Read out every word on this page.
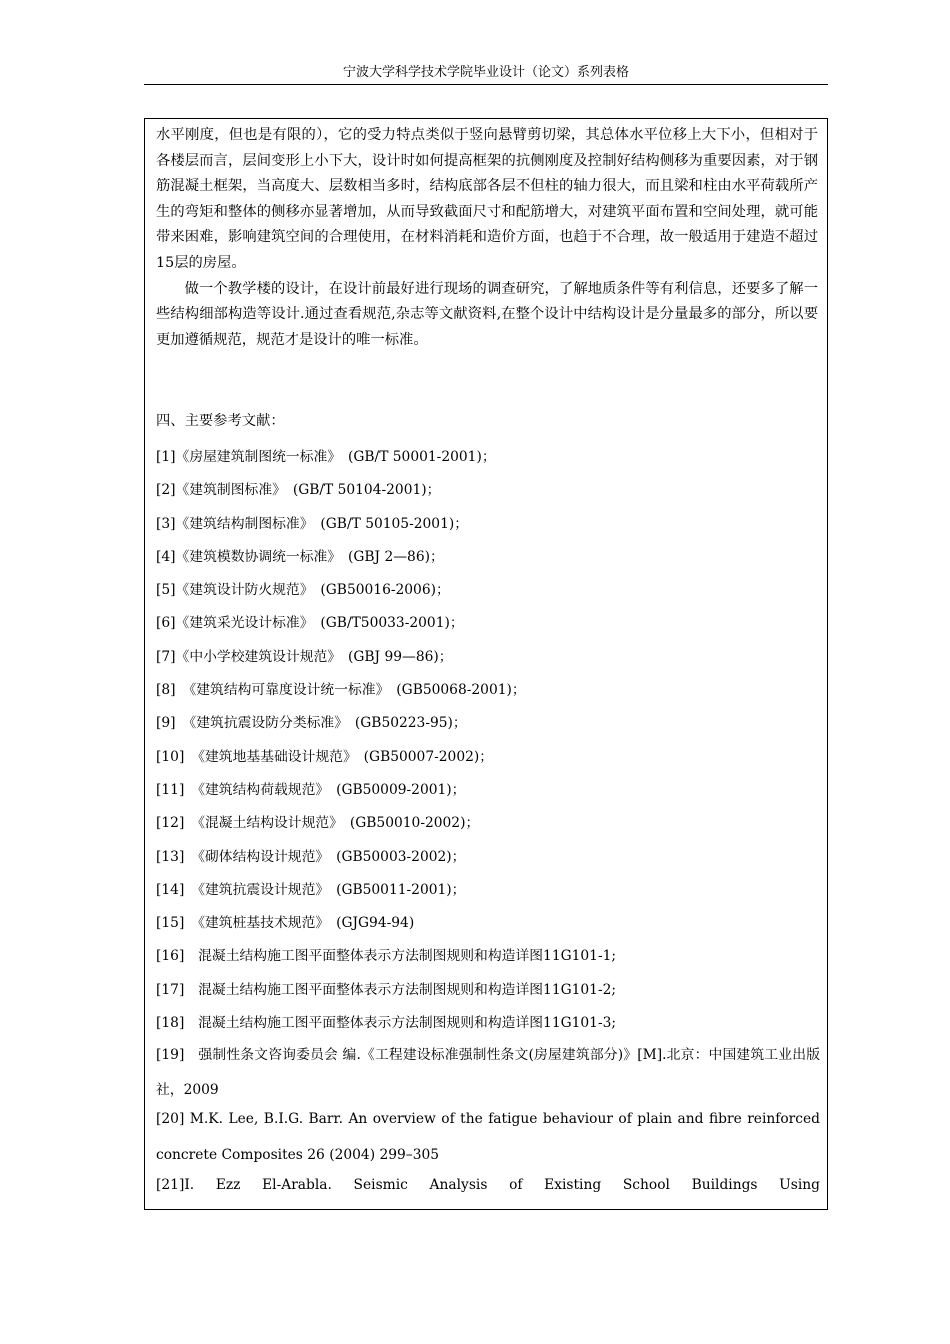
宁波大学科学技术学院毕业设计（论文）系列表格

水平刚度，但也是有限的），它的受力特点类似于竖向悬臂剪切梁，其总体水平位移上大下小，但相对于各楼层而言，层间变形上小下大，设计时如何提高框架的抗侧刚度及控制好结构侧移为重要因素，对于钢筋混凝土框架，当高度大、层数相当多时，结构底部各层不但柱的轴力很大，而且梁和柱由水平荷载所产生的弯矩和整体的侧移亦显著增加，从而导致截面尺寸和配筋增大，对建筑平面布置和空间处理，就可能带来困难，影响建筑空间的合理使用，在材料消耗和造价方面，也趋于不合理，故一般适用于建造不超过15层的房屋。

做一个教学楼的设计，在设计前最好进行现场的调查研究，了解地质条件等有利信息，还要多了解一些结构细部构造等设计.通过查看规范,杂志等文献资料,在整个设计中结构设计是分量最多的部分，所以要更加遵循规范，规范才是设计的唯一标准。

四、主要参考文献：
[1]《房屋建筑制图统一标准》　(GB/T 50001-2001)；
[2]《建筑制图标准》　(GB/T 50104-2001)；
[3]《建筑结构制图标准》　(GB/T 50105-2001)；
[4]《建筑模数协调统一标准》　(GBJ 2—86)；
[5]《建筑设计防火规范》　(GB50016-2006)；
[6]《建筑采光设计标准》　(GB/T50033-2001)；
[7]《中小学校建筑设计规范》　(GBJ 99—86)；
[8]　《建筑结构可靠度设计统一标准》　(GB50068-2001)；
[9]　《建筑抗震设防分类标准》　(GB50223-95)；
[10]　《建筑地基基础设计规范》　(GB50007-2002)；
[11]　《建筑结构荷载规范》　(GB50009-2001)；
[12]　《混凝土结构设计规范》　(GB50010-2002)；
[13]　《砌体结构设计规范》　(GB50003-2002)；
[14]　《建筑抗震设计规范》　(GB50011-2001)；
[15]　《建筑桩基技术规范》　(GJG94-94)
[16]　混凝土结构施工图平面整体表示方法制图规则和构造详图11G101-1;
[17]　混凝土结构施工图平面整体表示方法制图规则和构造详图11G101-2;
[18]　混凝土结构施工图平面整体表示方法制图规则和构造详图11G101-3;
[19]　强制性条文咨询委员会 编.《工程建设标准强制性条文(房屋建筑部分)》[M].北京：中国建筑工业出版社，2009
[20] M.K. Lee, B.I.G. Barr. An overview of the fatigue behaviour of plain and fibre reinforced concrete Composites 26 (2004) 299–305
[21]I. Ezz El-Arabla. Seismic Analysis of Existing School Buildings Using
